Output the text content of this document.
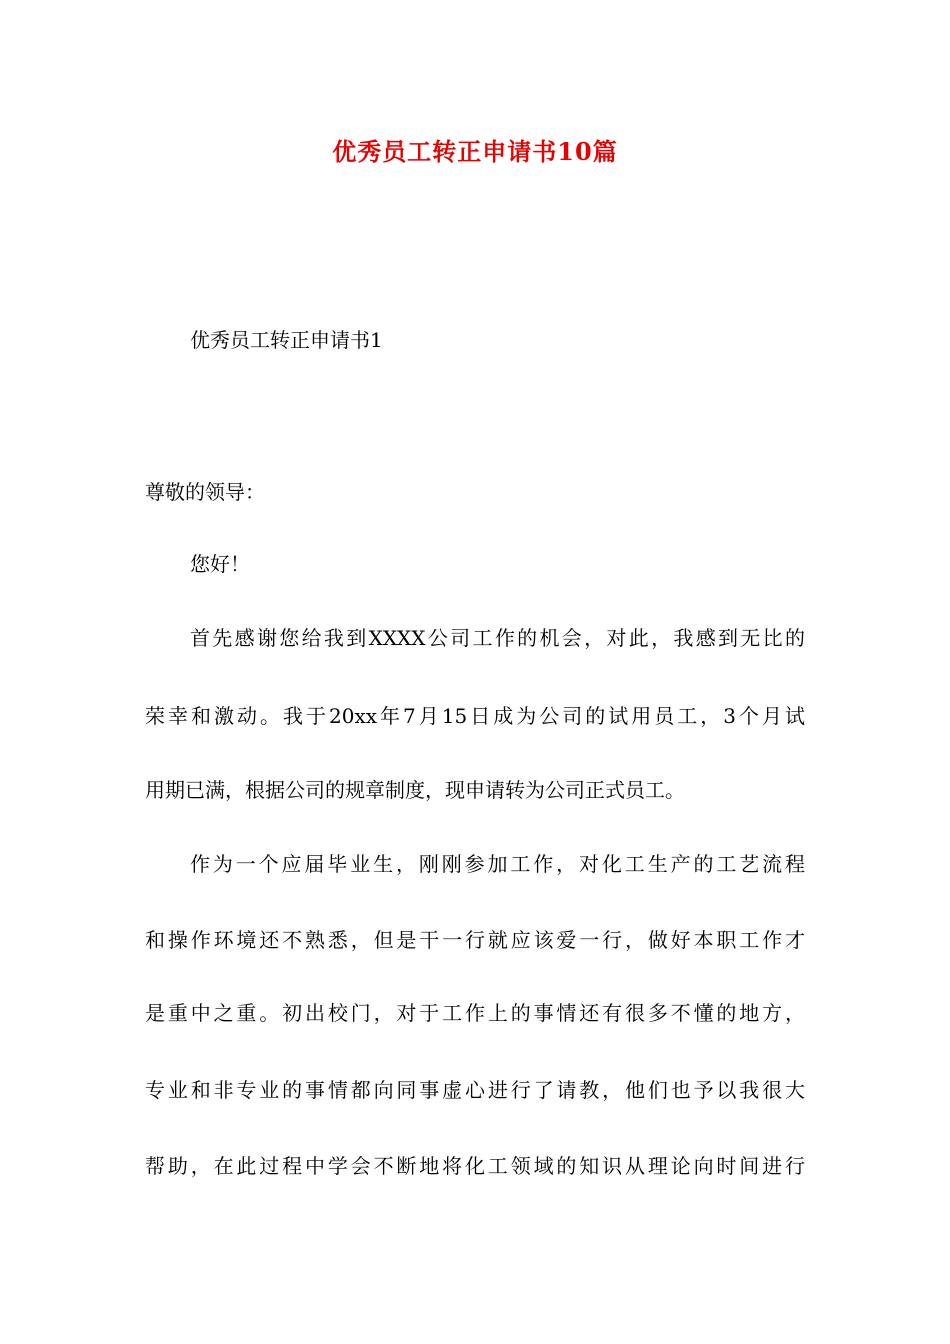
优秀员工转正申请书10篇
优秀员工转正申请书1
尊敬的领导：
您好！
首先感谢您给我到XXXX公司工作的机会，对此，我感到无比的
荣幸和激动。我于20xx年7月15日成为公司的试用员工，3个月试
用期已满，根据公司的规章制度，现申请转为公司正式员工。
作为一个应届毕业生，刚刚参加工作，对化工生产的工艺流程
和操作环境还不熟悉，但是干一行就应该爱一行，做好本职工作才
是重中之重。初出校门，对于工作上的事情还有很多不懂的地方，
专业和非专业的事情都向同事虚心进行了请教，他们也予以我很大
帮助，在此过程中学会不断地将化工领域的知识从理论向时间进行
